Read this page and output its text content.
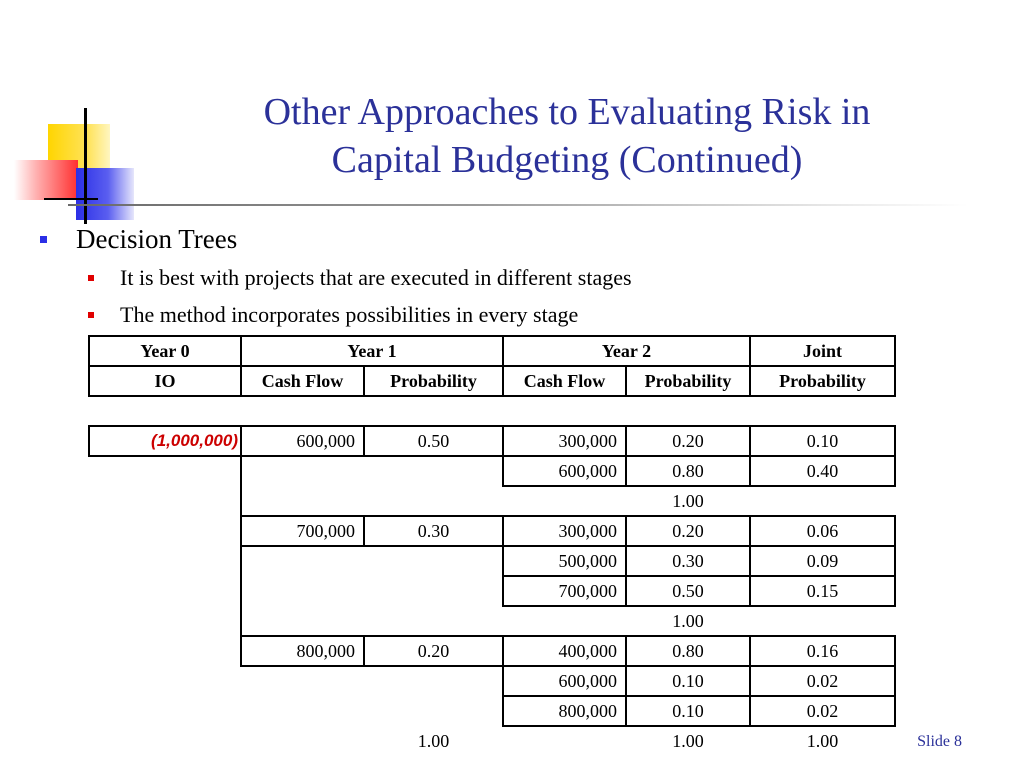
Other Approaches to Evaluating Risk in
Capital Budgeting (Continued)
Decision Trees
It is best with projects that are executed in different stages
The method incorporates possibilities in every stage
Year 0	Year 1		Year 2		Joint
IO	Cash Flow	Probability	Cash Flow	Probability	Probability

(1,000,000)	600,000	0.50	300,000	0.20	0.10
			600,000	0.80	0.40
				1.00	
	700,000	0.30	300,000	0.20	0.06
			500,000	0.30	0.09
			700,000	0.50	0.15
				1.00	
	800,000	0.20	400,000	0.80	0.16
			600,000	0.10	0.02
			800,000	0.10	0.02
		1.00		1.00	1.00	Slide 8
